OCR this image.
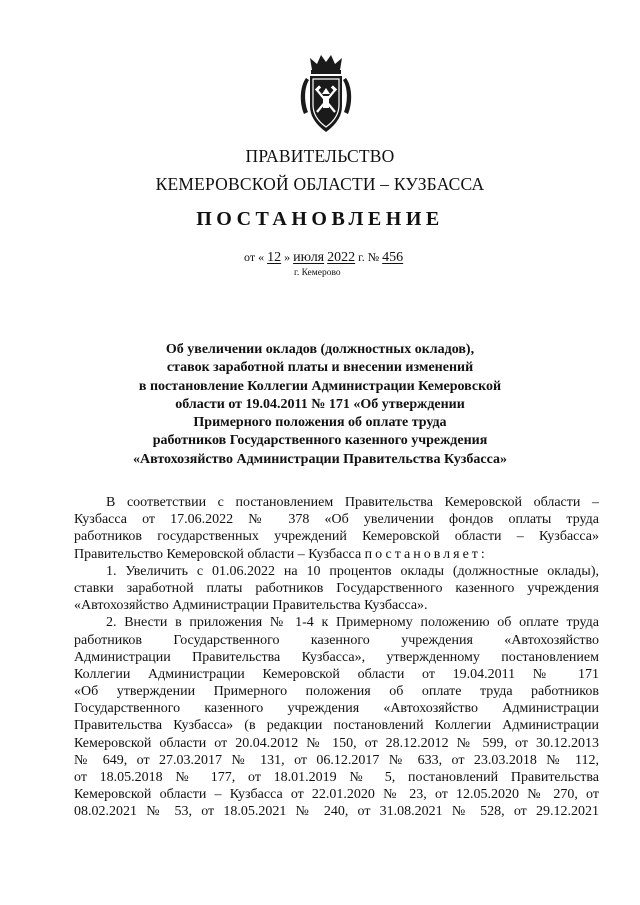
ПРАВИТЕЛЬСТВО
КЕМЕРОВСКОЙ ОБЛАСТИ – КУЗБАССА
ПОСТАНОВЛЕНИЕ
от « 12 » июля 2022 г. № 456
г. Кемерово
Об увеличении окладов (должностных окладов),
ставок заработной платы и внесении изменений
в постановление Коллегии Администрации Кемеровской
области от 19.04.2011 № 171 «Об утверждении
Примерного положения об оплате труда
работников Государственного казенного учреждения
«Автохозяйство Администрации Правительства Кузбасса»
В соответствии с постановлением Правительства Кемеровской области –
Кузбасса от 17.06.2022 № 378 «Об увеличении фондов оплаты труда
работников государственных учреждений Кемеровской области – Кузбасса»
Правительство Кемеровской области – Кузбасса постановляет:
1. Увеличить с 01.06.2022 на 10 процентов оклады (должностные оклады),
ставки заработной платы работников Государственного казенного учреждения
«Автохозяйство Администрации Правительства Кузбасса».
2. Внести в приложения № 1-4 к Примерному положению об оплате труда
работников Государственного казенного учреждения «Автохозяйство
Администрации Правительства Кузбасса», утвержденному постановлением
Коллегии Администрации Кемеровской области от 19.04.2011 № 171
«Об утверждении Примерного положения об оплате труда работников
Государственного казенного учреждения «Автохозяйство Администрации
Правительства Кузбасса» (в редакции постановлений Коллегии Администрации
Кемеровской области от 20.04.2012 № 150, от 28.12.2012 № 599, от 30.12.2013
№ 649, от 27.03.2017 № 131, от 06.12.2017 № 633, от 23.03.2018 № 112,
от 18.05.2018 № 177, от 18.01.2019 № 5, постановлений Правительства
Кемеровской области – Кузбасса от 22.01.2020 № 23, от 12.05.2020 № 270, от
08.02.2021 № 53, от 18.05.2021 № 240, от 31.08.2021 № 528, от 29.12.2021
